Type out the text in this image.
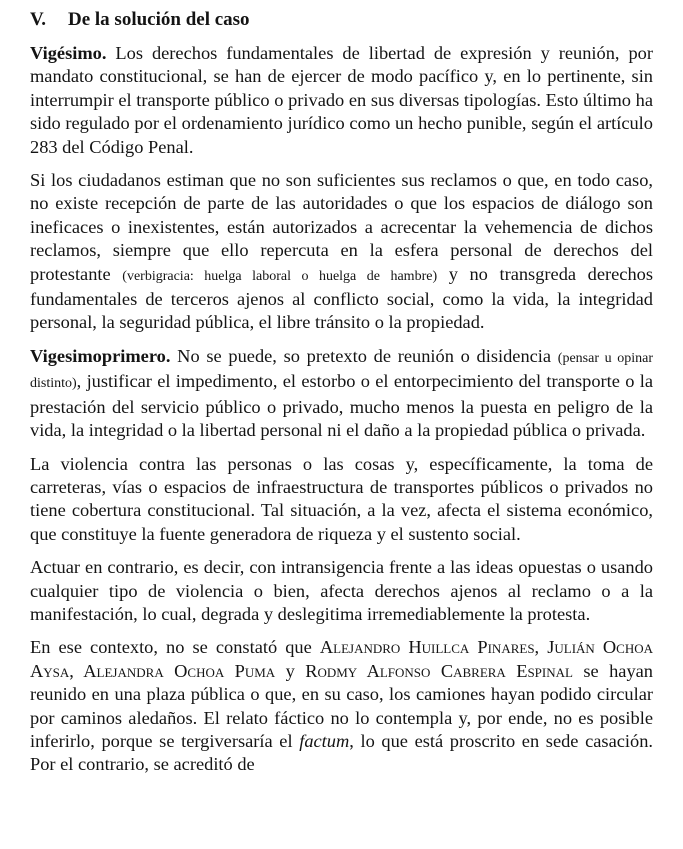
V.	De la solución del caso

Vigésimo. Los derechos fundamentales de libertad de expresión y reunión, por mandato constitucional, se han de ejercer de modo pacífico y, en lo pertinente, sin interrumpir el transporte público o privado en sus diversas tipologías. Esto último ha sido regulado por el ordenamiento jurídico como un hecho punible, según el artículo 283 del Código Penal.

Si los ciudadanos estiman que no son suficientes sus reclamos o que, en todo caso, no existe recepción de parte de las autoridades o que los espacios de diálogo son ineficaces o inexistentes, están autorizados a acrecentar la vehemencia de dichos reclamos, siempre que ello repercuta en la esfera personal de derechos del protestante (verbigracia: huelga laboral o huelga de hambre) y no transgreda derechos fundamentales de terceros ajenos al conflicto social, como la vida, la integridad personal, la seguridad pública, el libre tránsito o la propiedad.

Vigesimoprimero. No se puede, so pretexto de reunión o disidencia (pensar u opinar distinto), justificar el impedimento, el estorbo o el entorpecimiento del transporte o la prestación del servicio público o privado, mucho menos la puesta en peligro de la vida, la integridad o la libertad personal ni el daño a la propiedad pública o privada.

La violencia contra las personas o las cosas y, específicamente, la toma de carreteras, vías o espacios de infraestructura de transportes públicos o privados no tiene cobertura constitucional. Tal situación, a la vez, afecta el sistema económico, que constituye la fuente generadora de riqueza y el sustento social.

Actuar en contrario, es decir, con intransigencia frente a las ideas opuestas o usando cualquier tipo de violencia o bien, afecta derechos ajenos al reclamo o a la manifestación, lo cual, degrada y deslegitima irremediablemente la protesta.

En ese contexto, no se constató que Alejandro Huillca Pinares, Julián Ochoa Aysa, Alejandra Ochoa Puma y Rodmy Alfonso Cabrera Espinal se hayan reunido en una plaza pública o que, en su caso, los camiones hayan podido circular por caminos aledaños. El relato fáctico no lo contempla y, por ende, no es posible inferirlo, porque se tergiversaría el factum, lo que está proscrito en sede casación. Por el contrario, se acreditó de
